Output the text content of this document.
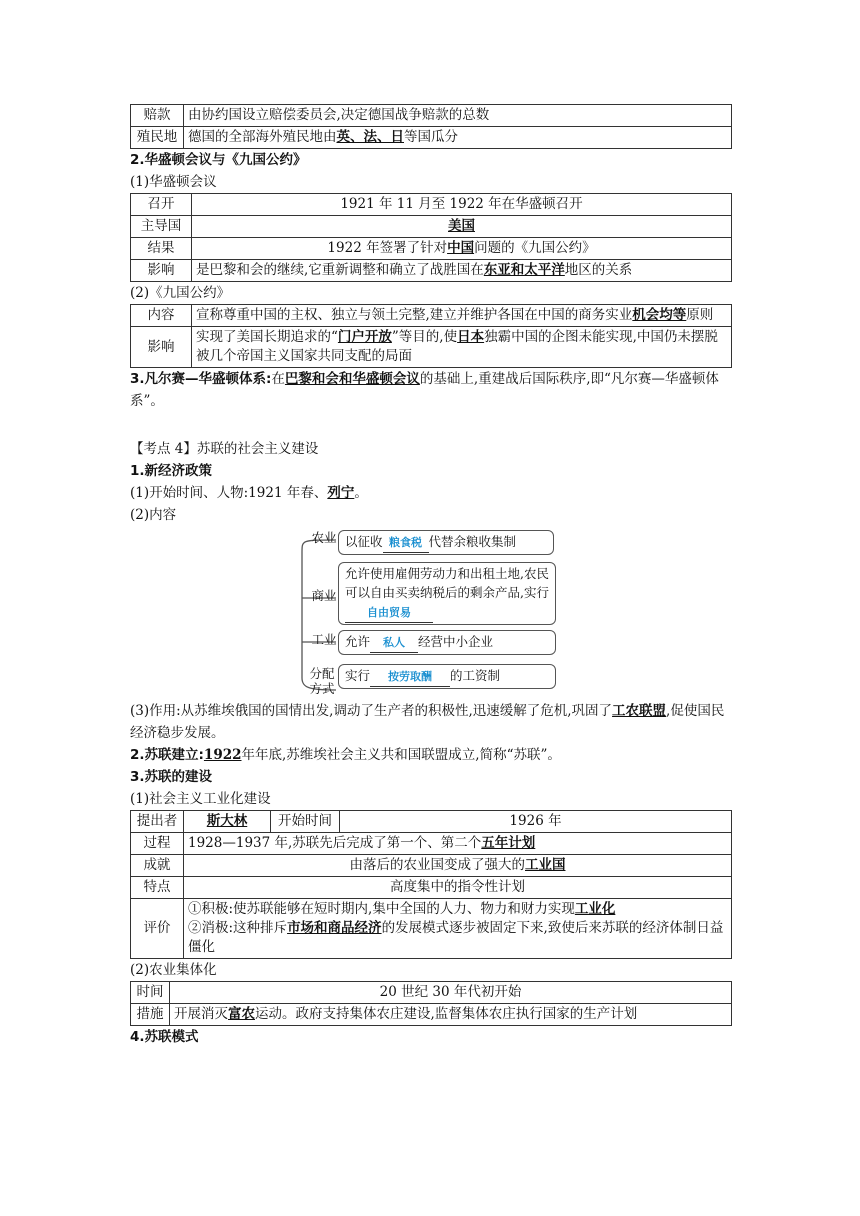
赔款	由协约国设立赔偿委员会,决定德国战争赔款的总数
殖民地	德国的全部海外殖民地由英、法、日等国瓜分

2.华盛顿会议与《九国公约》

(1)华盛顿会议

召开	1921 年 11 月至 1922 年在华盛顿召开
主导国	美国
结果	1922 年签署了针对中国问题的《九国公约》
影响	是巴黎和会的继续,它重新调整和确立了战胜国在东亚和太平洋地区的关系

(2)《九国公约》

内容	宣称尊重中国的主权、独立与领土完整,建立并维护各国在中国的商务实业机会均等原则
影响	实现了美国长期追求的“门户开放”等目的,使日本独霸中国的企图未能实现,中国仍未摆脱被几个帝国主义国家共同支配的局面

3.凡尔赛—华盛顿体系:在巴黎和会和华盛顿会议的基础上,重建战后国际秩序,即“凡尔赛—华盛顿体系”。

【考点 4】苏联的社会主义建设

1.新经济政策

(1)开始时间、人物:1921 年春、列宁。

(2)内容

农业
商业
工业
分配方式
以征收 粮食税 代替余粮收集制
允许使用雇佣劳动力和出租土地,农民可以自由买卖纳税后的剩余产品,实行自由贸易
允许 私人 经营中小企业
实行 按劳取酬 的工资制

(3)作用:从苏维埃俄国的国情出发,调动了生产者的积极性,迅速缓解了危机,巩固了工农联盟,促使国民经济稳步发展。

2.苏联建立:1922年年底,苏维埃社会主义共和国联盟成立,简称“苏联”。

3.苏联的建设

(1)社会主义工业化建设

提出者	斯大林	开始时间	1926 年
过程	1928—1937 年,苏联先后完成了第一个、第二个五年计划		
成就	由落后的农业国变成了强大的工业国		
特点	高度集中的指令性计划		
评价	①积极:使苏联能够在短时期内,集中全国的人力、物力和财力实现工业化
②消极:这种排斥市场和商品经济的发展模式逐步被固定下来,致使后来苏联的经济体制日益僵化		

(2)农业集体化

时间	20 世纪 30 年代初开始
措施	开展消灭富农运动。政府支持集体农庄建设,监督集体农庄执行国家的生产计划

4.苏联模式
